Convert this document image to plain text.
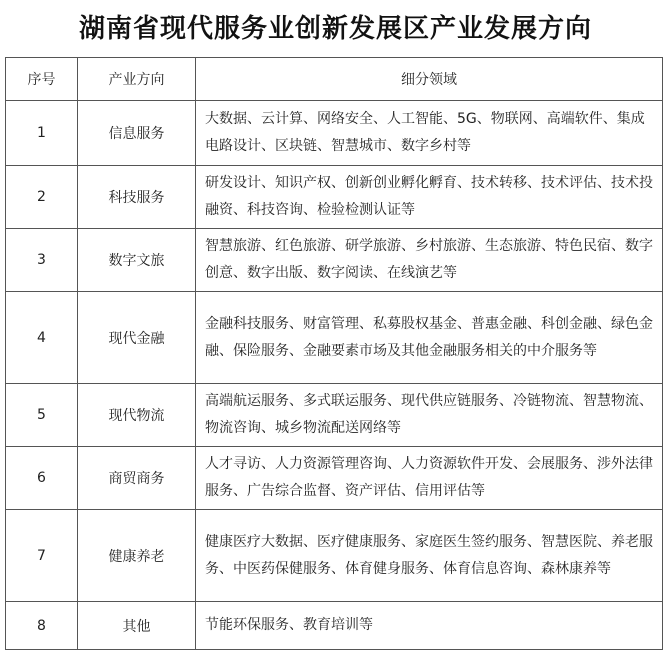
湖南省现代服务业创新发展区产业发展方向
序号	产业方向	细分领域
1	信息服务	大数据、云计算、网络安全、人工智能、5G、物联网、高端软件、集成电路设计、区块链、智慧城市、数字乡村等
2	科技服务	研发设计、知识产权、创新创业孵化孵育、技术转移、技术评估、技术投融资、科技咨询、检验检测认证等
3	数字文旅	智慧旅游、红色旅游、研学旅游、乡村旅游、生态旅游、特色民宿、数字创意、数字出版、数字阅读、在线演艺等
4	现代金融	金融科技服务、财富管理、私募股权基金、普惠金融、科创金融、绿色金融、保险服务、金融要素市场及其他金融服务相关的中介服务等
5	现代物流	高端航运服务、多式联运服务、现代供应链服务、冷链物流、智慧物流、物流咨询、城乡物流配送网络等
6	商贸商务	人才寻访、人力资源管理咨询、人力资源软件开发、会展服务、涉外法律服务、广告综合监督、资产评估、信用评估等
7	健康养老	健康医疗大数据、医疗健康服务、家庭医生签约服务、智慧医院、养老服务、中医药保健服务、体育健身服务、体育信息咨询、森林康养等
8	其他	节能环保服务、教育培训等
